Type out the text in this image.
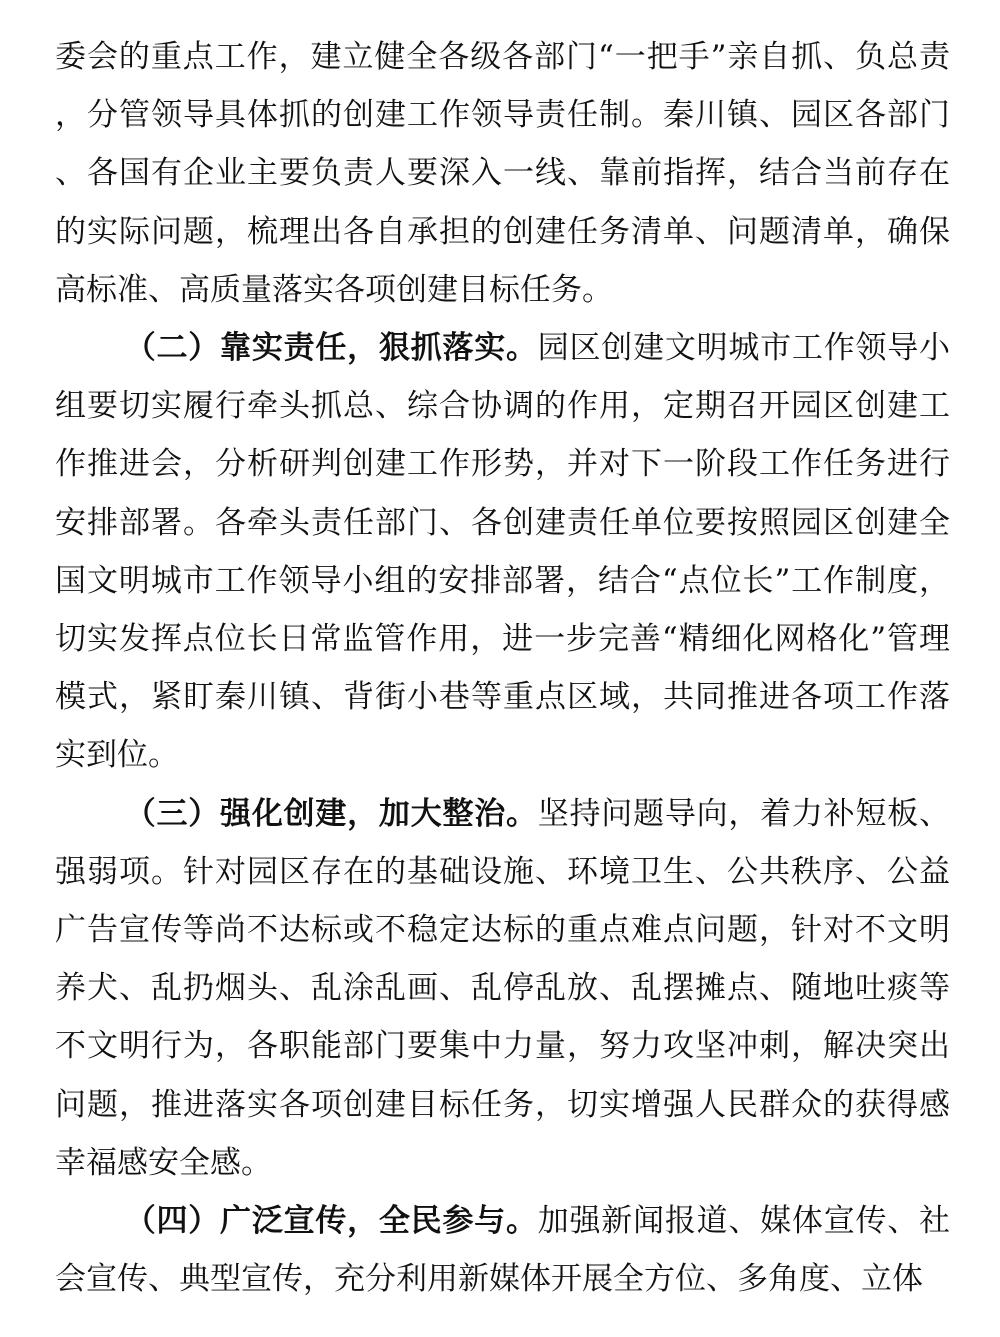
委会的重点工作，建立健全各级各部门“一把手”亲自抓、负总责，分管领导具体抓的创建工作领导责任制。秦川镇、园区各部门、各国有企业主要负责人要深入一线、靠前指挥，结合当前存在的实际问题，梳理出各自承担的创建任务清单、问题清单，确保高标准、高质量落实各项创建目标任务。

（二）靠实责任，狠抓落实。园区创建文明城市工作领导小组要切实履行牵头抓总、综合协调的作用，定期召开园区创建工作推进会，分析研判创建工作形势，并对下一阶段工作任务进行安排部署。各牵头责任部门、各创建责任单位要按照园区创建全国文明城市工作领导小组的安排部署，结合“点位长”工作制度，切实发挥点位长日常监管作用，进一步完善“精细化网格化”管理模式，紧盯秦川镇、背街小巷等重点区域，共同推进各项工作落实到位。

（三）强化创建，加大整治。坚持问题导向，着力补短板、强弱项。针对园区存在的基础设施、环境卫生、公共秩序、公益广告宣传等尚不达标或不稳定达标的重点难点问题，针对不文明养犬、乱扔烟头、乱涂乱画、乱停乱放、乱摆摊点、随地吐痰等不文明行为，各职能部门要集中力量，努力攻坚冲刺，解决突出问题，推进落实各项创建目标任务，切实增强人民群众的获得感幸福感安全感。

（四）广泛宣传，全民参与。加强新闻报道、媒体宣传、社会宣传、典型宣传，充分利用新媒体开展全方位、多角度、立体
